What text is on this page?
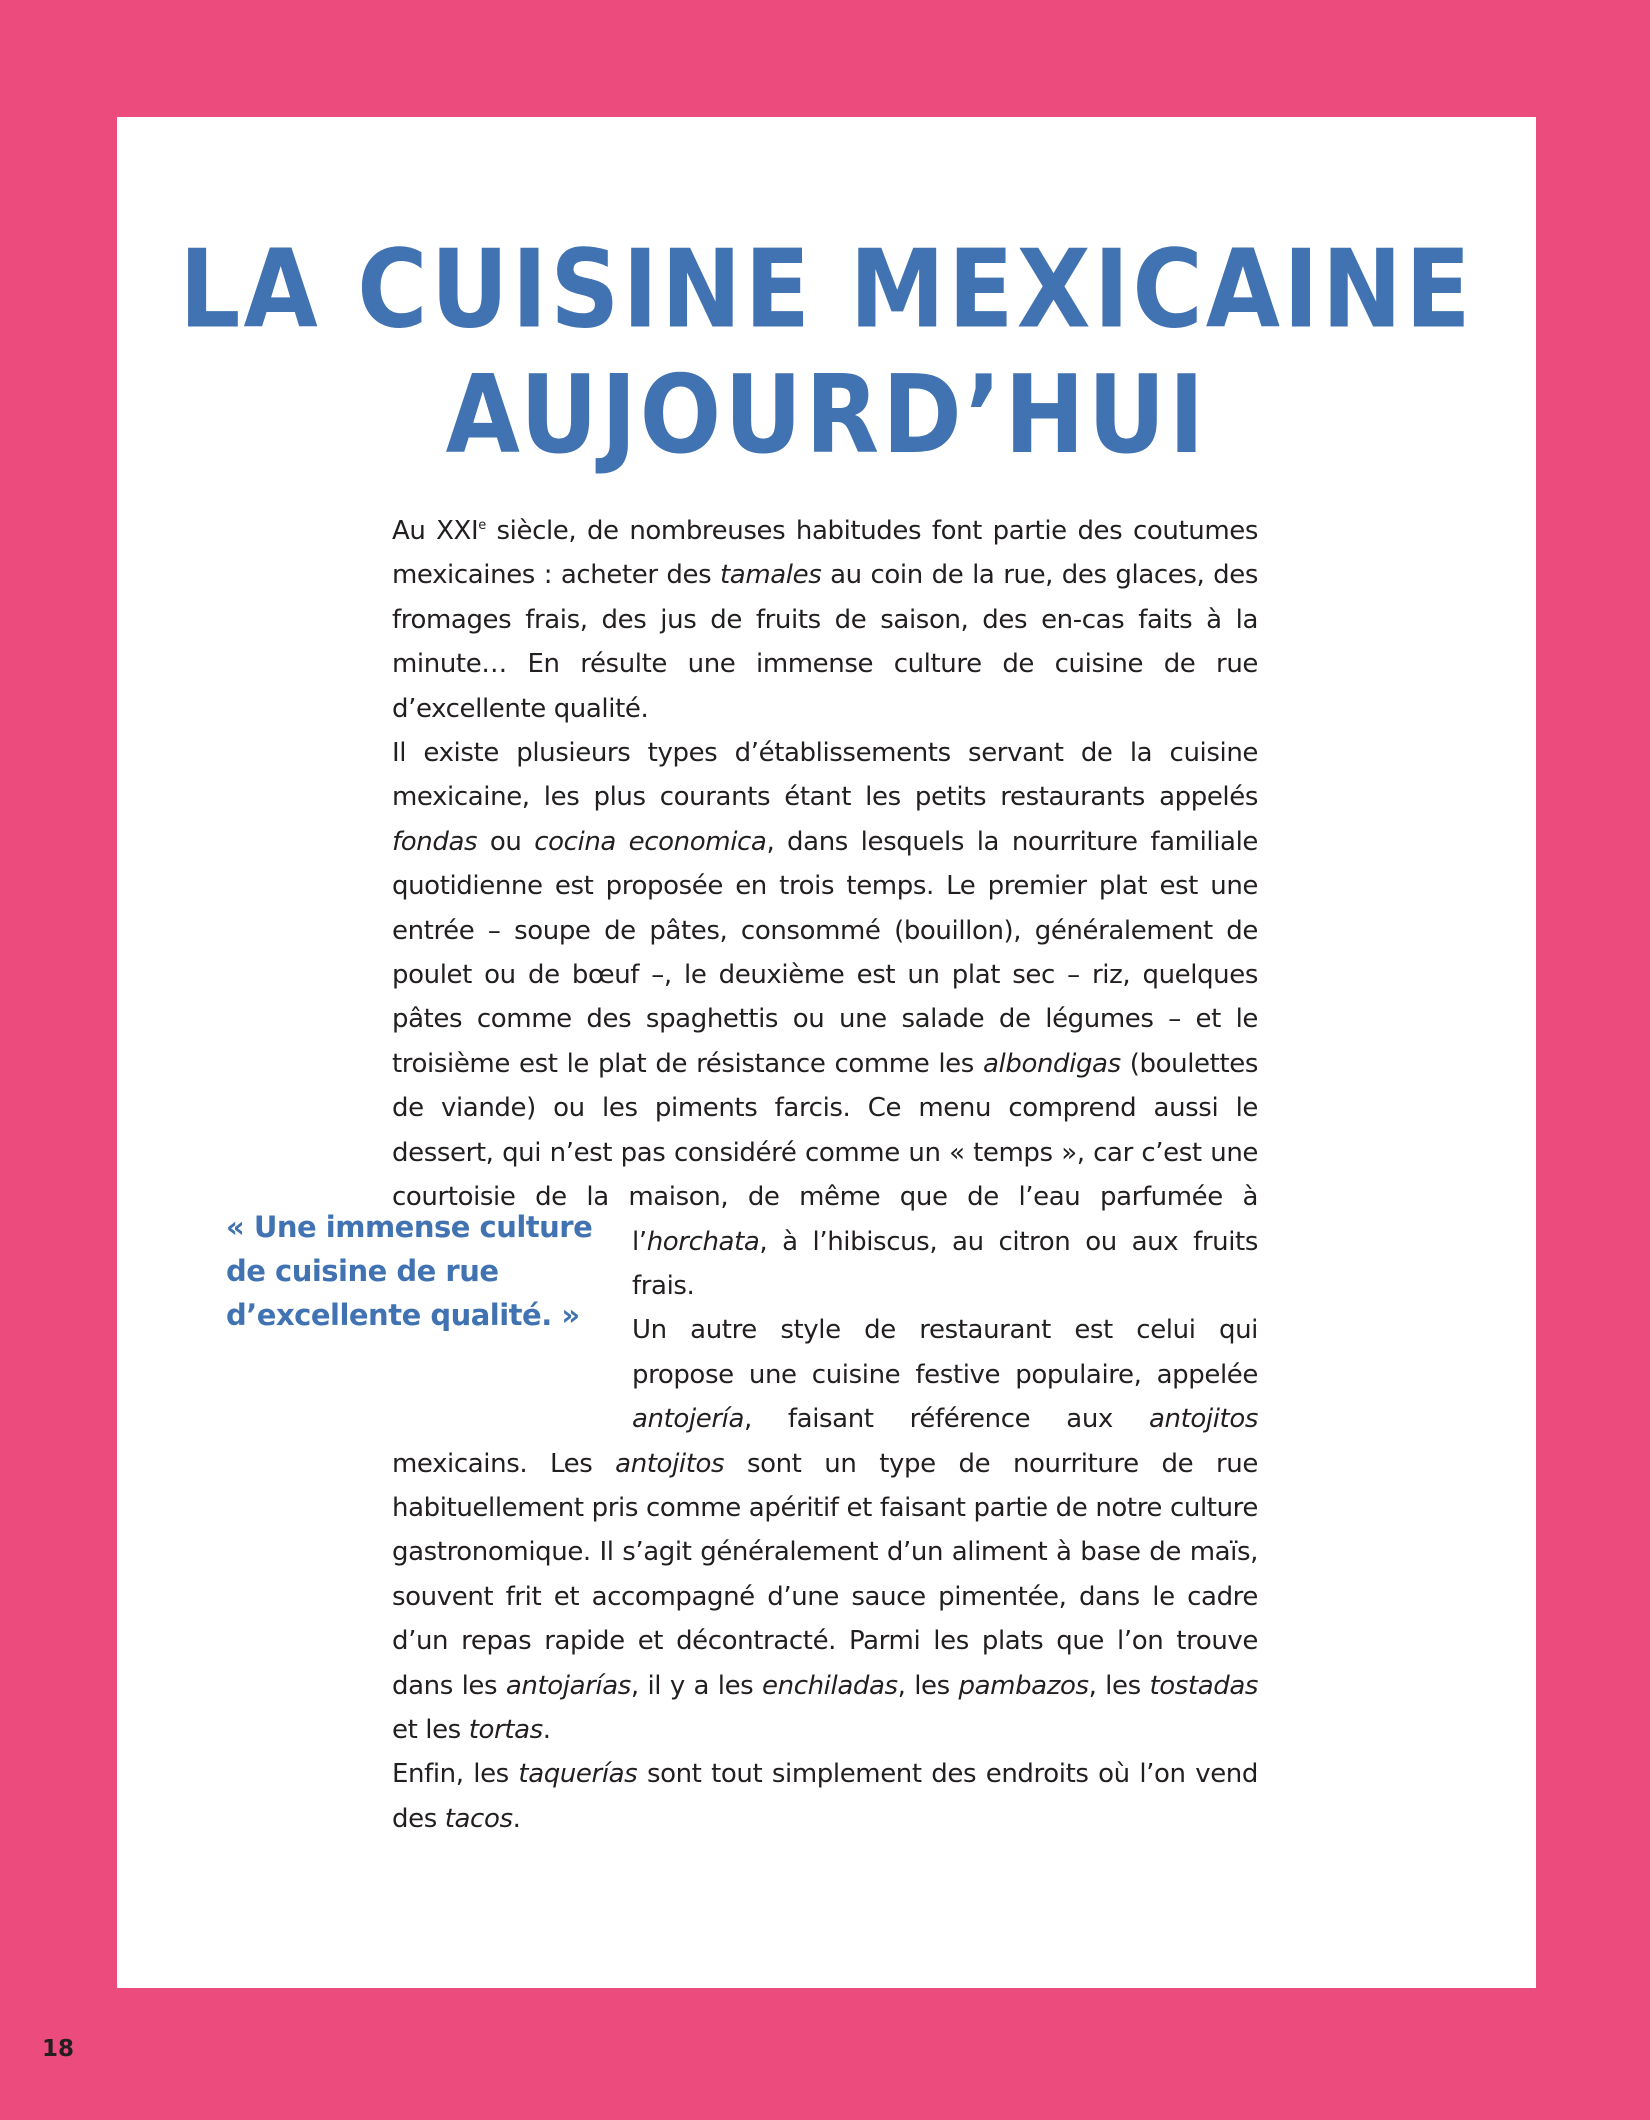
LA CUISINE MEXICAINE
AUJOURD’HUI
« Une immense culture de cuisine de rue d’excellente qualité. »

Au XXIe siècle, de nombreuses habitudes font partie des coutumes mexicaines : acheter des tamales au coin de la rue, des glaces, des fromages frais, des jus de fruits de saison, des en-cas faits à la minute… En résulte une immense culture de cuisine de rue d’excellente qualité.

Il existe plusieurs types d’établissements servant de la cuisine mexicaine, les plus courants étant les petits restaurants appelés fondas ou cocina economica, dans lesquels la nourriture familiale quotidienne est proposée en trois temps. Le premier plat est une entrée – soupe de pâtes, consommé (bouillon), généralement de poulet ou de bœuf –, le deuxième est un plat sec – riz, quelques pâtes comme des spaghettis ou une salade de légumes – et le troisième est le plat de résistance comme les albondigas (boulettes de viande) ou les piments farcis. Ce menu comprend aussi le dessert, qui n’est pas considéré comme un « temps », car c’est une courtoisie de la maison, de même que de l’eau parfumée à l’horchata
, à l’hibiscus, au citron ou aux fruits frais.

Un autre style de restaurant est celui qui propose une cuisine festive populaire, appelée antojería, faisant référence aux antojitos mexicains. Les antojitos sont un type de nourriture de rue habituellement pris comme apéritif et faisant partie de notre culture gastronomique. Il s’agit généralement d’un aliment à base de maïs, souvent frit et accompagné d’une sauce pimentée, dans le cadre d’un repas rapide et décontracté. Parmi les plats que l’on trouve dans les antojarías, il y a les enchiladas, les pambazos, les tostadas et les tortas.

Enfin, les taquerías sont tout simplement des endroits où l’on vend des tacos.

18
